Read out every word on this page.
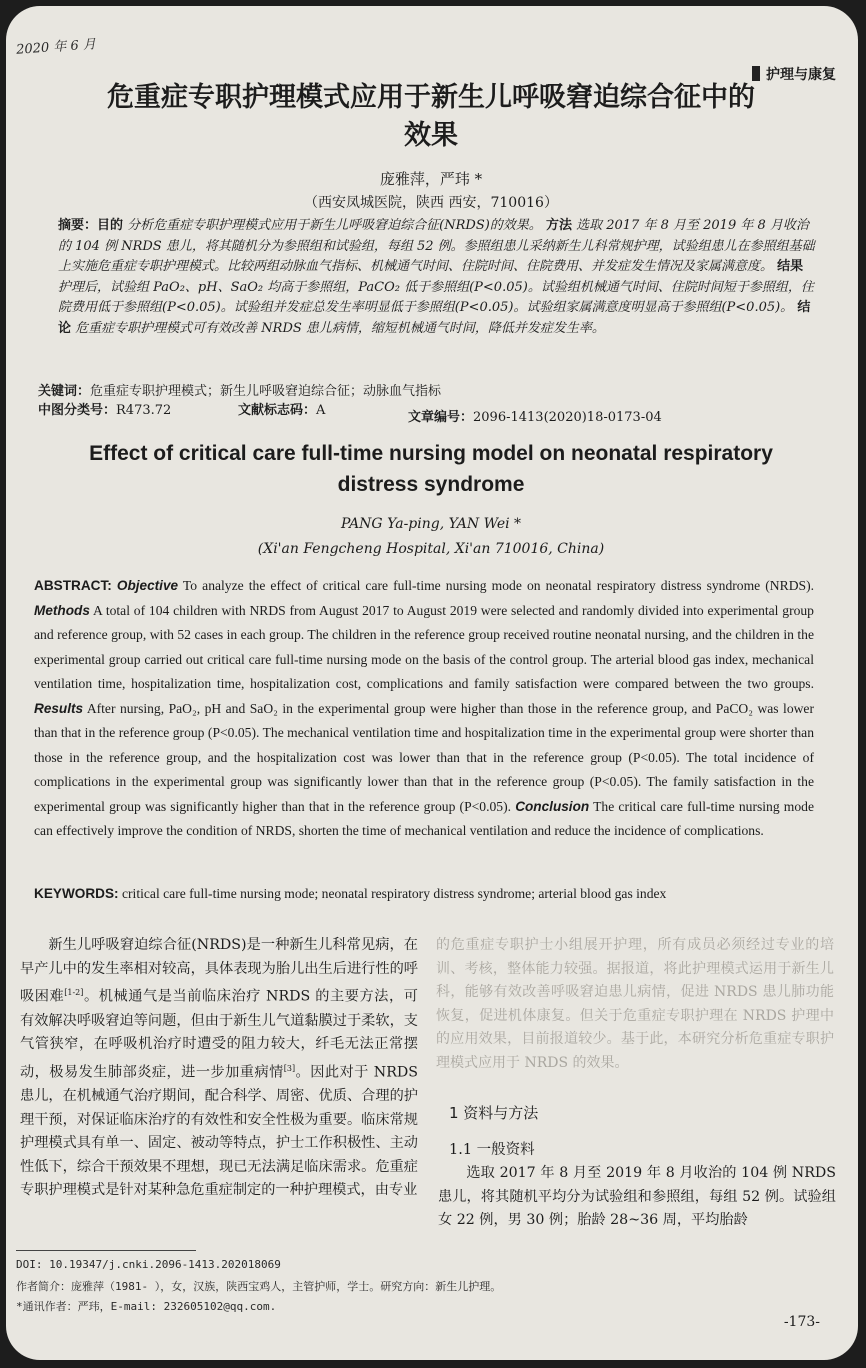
2020 年 6 月
护理与康复
危重症专职护理模式应用于新生儿呼吸窘迫综合征中的
效果
庞雅萍，严玮 *
（西安凤城医院，陕西 西安，710016）
摘要：目的 分析危重症专职护理模式应用于新生儿呼吸窘迫综合征(NRDS)的效果。 方法 选取 2017 年 8 月至 2019 年 8 月收治的 104 例 NRDS 患儿，将其随机分为参照组和试验组，每组 52 例。参照组患儿采纳新生儿科常规护理，试验组患儿在参照组基础上实施危重症专职护理模式。比较两组动脉血气指标、机械通气时间、住院时间、住院费用、并发症发生情况及家属满意度。 结果 护理后，试验组 PaO₂、pH、SaO₂ 均高于参照组，PaCO₂ 低于参照组(P<0.05)。试验组机械通气时间、住院时间短于参照组，住院费用低于参照组(P<0.05)。试验组并发症总发生率明显低于参照组(P<0.05)。试验组家属满意度明显高于参照组(P<0.05)。 结论 危重症专职护理模式可有效改善 NRDS 患儿病情，缩短机械通气时间，降低并发症发生率。
关键词：危重症专职护理模式；新生儿呼吸窘迫综合征；动脉血气指标
中图分类号：R473.72	文献标志码：A	文章编号：2096-1413(2020)18-0173-04
Effect of critical care full-time nursing model on neonatal respiratory
distress syndrome
PANG Ya-ping, YAN Wei *
(Xi'an Fengcheng Hospital, Xi'an 710016, China)
ABSTRACT: Objective To analyze the effect of critical care full-time nursing mode on neonatal respiratory distress syndrome (NRDS). Methods A total of 104 children with NRDS from August 2017 to August 2019 were selected and randomly divided into experimental group and reference group, with 52 cases in each group. The children in the reference group received routine neonatal nursing, and the children in the experimental group carried out critical care full-time nursing mode on the basis of the control group. The arterial blood gas index, mechanical ventilation time, hospitalization time, hospitalization cost, complications and family satisfaction were compared between the two groups. Results After nursing, PaO₂, pH and SaO₂ in the experimental group were higher than those in the reference group, and PaCO₂ was lower than that in the reference group (P<0.05). The mechanical ventilation time and hospitalization time in the experimental group were shorter than those in the reference group, and the hospitalization cost was lower than that in the reference group (P<0.05). The total incidence of complications in the experimental group was significantly lower than that in the reference group (P<0.05). The family satisfaction in the experimental group was significantly higher than that in the reference group (P<0.05). Conclusion The critical care full-time nursing mode can effectively improve the condition of NRDS, shorten the time of mechanical ventilation and reduce the incidence of complications.
KEYWORDS: critical care full-time nursing mode; neonatal respiratory distress syndrome; arterial blood gas index

新生儿呼吸窘迫综合征(NRDS)是一种新生儿科常见病，在早产儿中的发生率相对较高，具体表现为胎儿出生后进行性的呼吸困难[1-2]。机械通气是当前临床治疗 NRDS 的主要方法，可有效解决呼吸窘迫等问题，但由于新生儿气道黏膜过于柔软，支气管狭窄，在呼吸机治疗时遭受的阻力较大，纤毛无法正常摆动，极易发生肺部炎症，进一步加重病情[3]。因此对于 NRDS 患儿，在机械通气治疗期间，配合科学、周密、优质、合理的护理干预，对保证临床治疗的有效性和安全性极为重要。临床常规护理模式具有单一、固定、被动等特点，护士工作积极性、主动性低下，综合干预效果不理想，现已无法满足临床需求。危重症专职护理模式是针对某种急危重症制定的一种护理模式，由专业

的危重症专职护士小组展开护理，所有成员必须经过专业的培训、考核，整体能力较强。据报道，将此护理模式运用于新生儿科，能够有效改善呼吸窘迫患儿病情，促进 NRDS 患儿肺功能恢复，促进机体康复。但关于危重症专职护理在 NRDS 护理中的应用效果，目前报道较少。基于此，本研究分析危重症专职护理模式应用于 NRDS 的效果。
1 资料与方法
1.1 一般资料

选取 2017 年 8 月至 2019 年 8 月收治的 104 例 NRDS 患儿，将其随机平均分为试验组和参照组，每组 52 例。试验组女 22 例，男 30 例；胎龄 28~36 周，平均胎龄

DOI: 10.19347/j.cnki.2096-1413.202018069
作者简介：庞雅萍（1981- ），女，汉族，陕西宝鸡人，主管护师，学士。研究方向：新生儿护理。
*通讯作者：严玮，E-mail: 232605102@qq.com.
-173-
